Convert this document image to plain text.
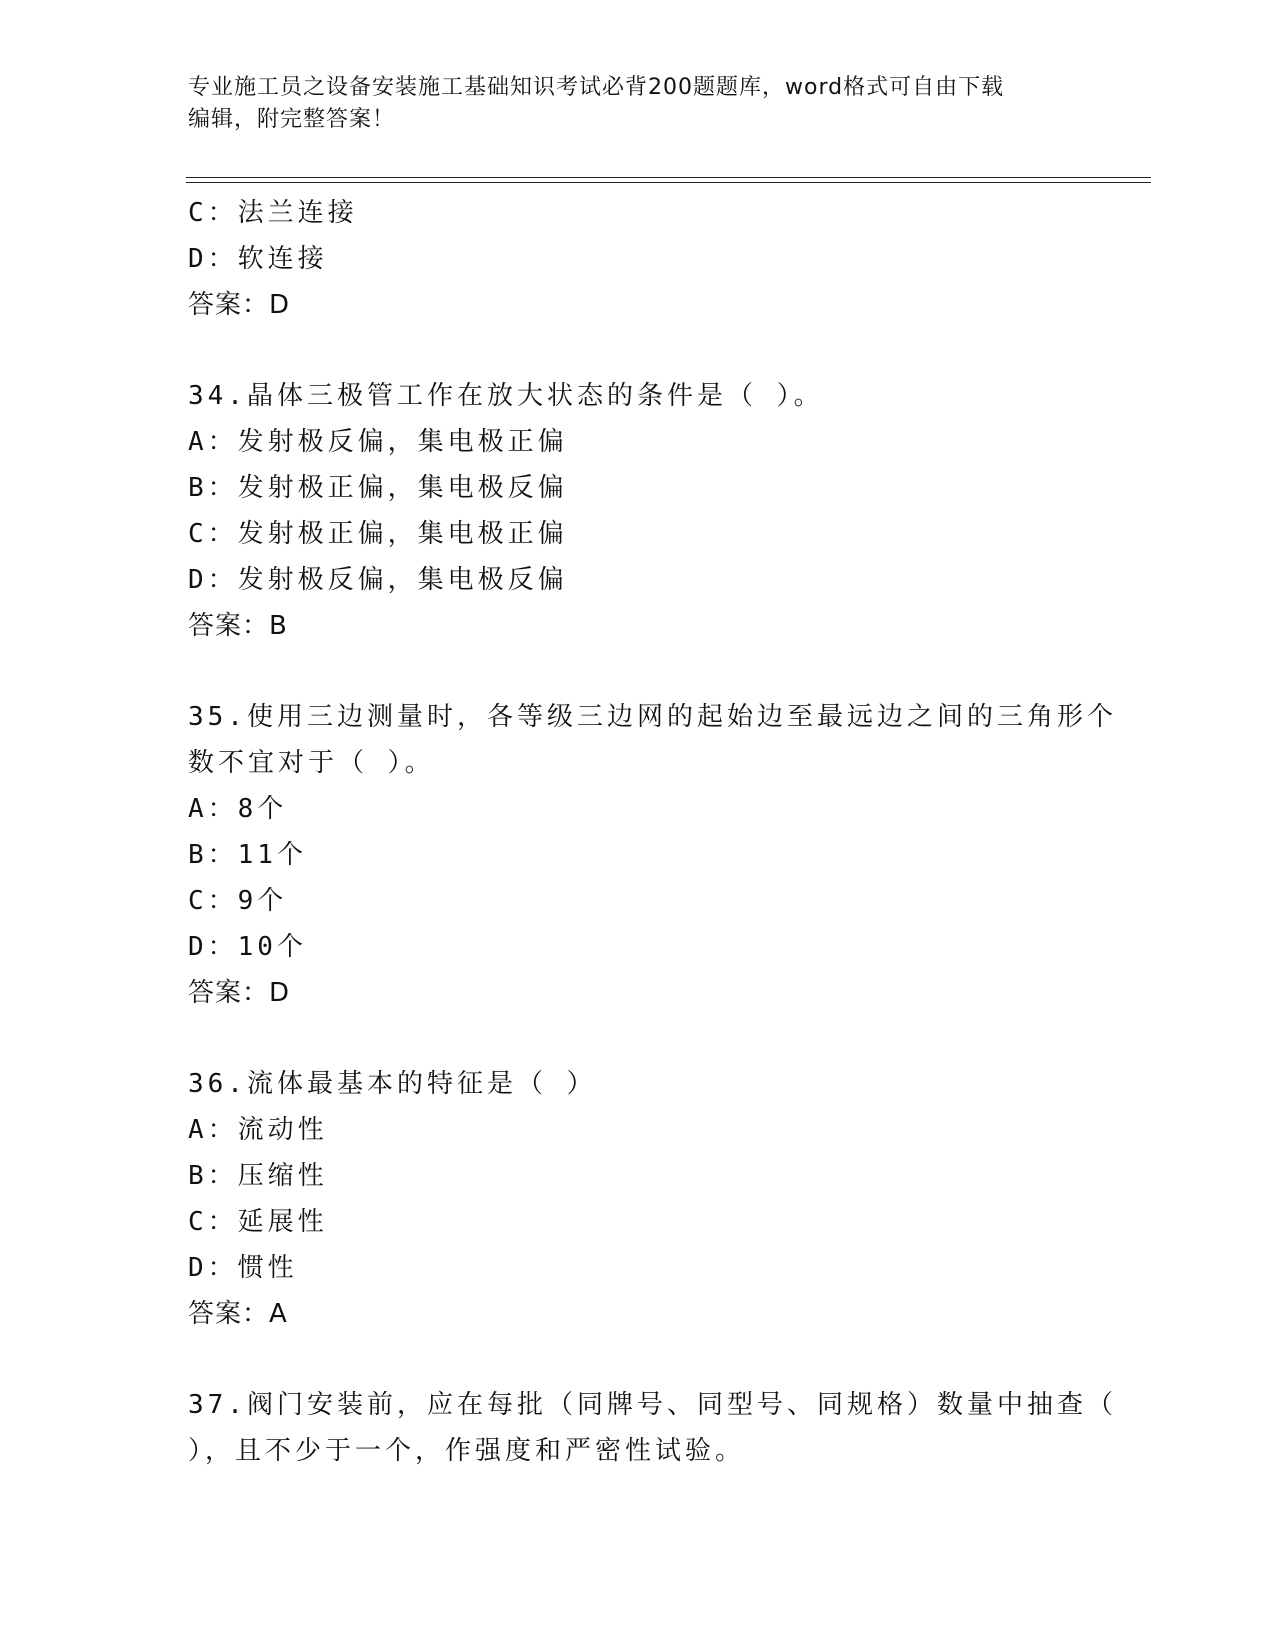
专业施工员之设备安装施工基础知识考试必背200题题库，word格式可自由下载
编辑，附完整答案！
C：法兰连接
D：软连接
答案：D
34.晶体三极管工作在放大状态的条件是（ ）。
A：发射极反偏，集电极正偏
B：发射极正偏，集电极反偏
C：发射极正偏，集电极正偏
D：发射极反偏，集电极反偏
答案：B
35.使用三边测量时，各等级三边网的起始边至最远边之间的三角形个
数不宜对于（ ）。
A：8个
B：11个
C：9个
D：10个
答案：D
36.流体最基本的特征是（ ）
A：流动性
B：压缩性
C：延展性
D：惯性
答案：A
37.阀门安装前，应在每批（同牌号、同型号、同规格）数量中抽查（
），且不少于一个，作强度和严密性试验。
